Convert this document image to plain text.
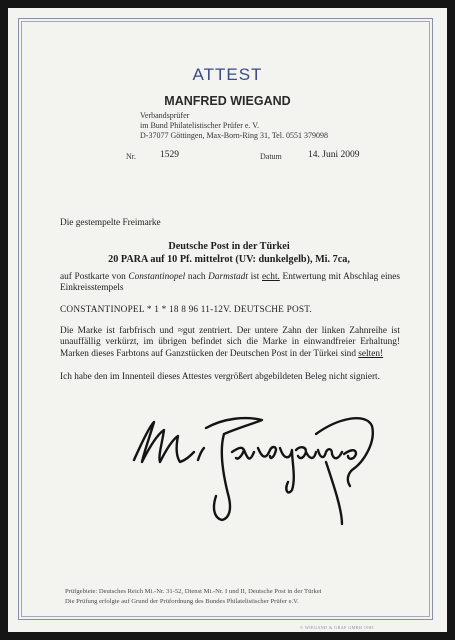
ATTEST
MANFRED WIEGAND
Verbandsprüfer
im Bund Philatelistischer Prüfer e. V.
D-37077 Göttingen, Max-Born-Ring 31, Tel. 0551 379098
Nr.	1529	Datum	14. Juni 2009
Die gestempelte Freimarke
Deutsche Post in der Türkei
20 PARA auf 10 Pf. mittelrot (UV: dunkelgelb), Mi. 7ca,
auf Postkarte von Constantinopel nach Darmstadt ist echt. Entwertung mit Abschlag eines Einkreisstempels
CONSTANTINOPEL * 1 * 18 8 96 11-12V. DEUTSCHE POST.
Die Marke ist farbfrisch und ≈gut zentriert. Der untere Zahn der linken Zahnreihe ist unauffällig verkürzt, im übrigen befindet sich die Marke in einwandfreier Erhaltung! Marken dieses Farbtons auf Ganzstücken der Deutschen Post in der Türkei sind selten!
Ich habe den im Innenteil dieses Attestes vergrößert abgebildeten Beleg nicht signiert.
Prüfgebiete: Deutsches Reich Mi.-Nr. 31-52, Dienst Mi.-Nr. I und II, Deutsche Post in der Türkei
Die Prüfung erfolgte auf Grund der Prüfordnung des Bundes Philatelistischer Prüfer e.V.
© WIEGAND & GRAF GMBH 1983
